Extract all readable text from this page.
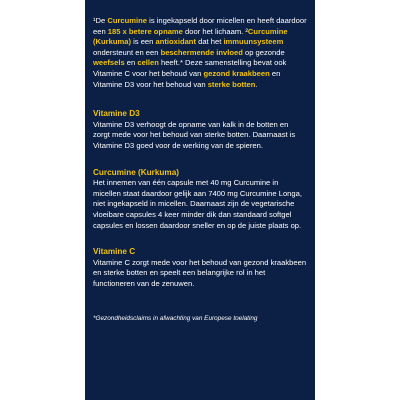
¹De Curcumine is ingekapseld door micellen en heeft daardoor een 185 x betere opname door het lichaam. ²Curcumine (Kurkuma) is een antioxidant dat het immuunsysteem ondersteunt en een beschermende invloed op gezonde weefsels en cellen heeft.* Deze samenstelling bevat ook Vitamine C voor het behoud van gezond kraakbeen en Vitamine D3 voor het behoud van sterke botten.

Vitamine D3

Vitamine D3 verhoogt de opname van kalk in de botten en zorgt mede voor het behoud van sterke botten. Daarnaast is Vitamine D3 goed voor de werking van de spieren.

Curcumine (Kurkuma)

Het innemen van één capsule met 40 mg Curcumine in micellen staat daardoor gelijk aan 7400 mg Curcumine Longa, niet ingekapseld in micellen. Daarnaast zijn de vegetarische vloeibare capsules 4 keer minder dik dan standaard softgel capsules en lossen daardoor sneller en op de juiste plaats op.

Vitamine C

Vitamine C zorgt mede voor het behoud van gezond kraakbeen en sterke botten en speelt een belangrijke rol in het functioneren van de zenuwen.

*Gezondheidsclaims in afwachting van Europese toelating
